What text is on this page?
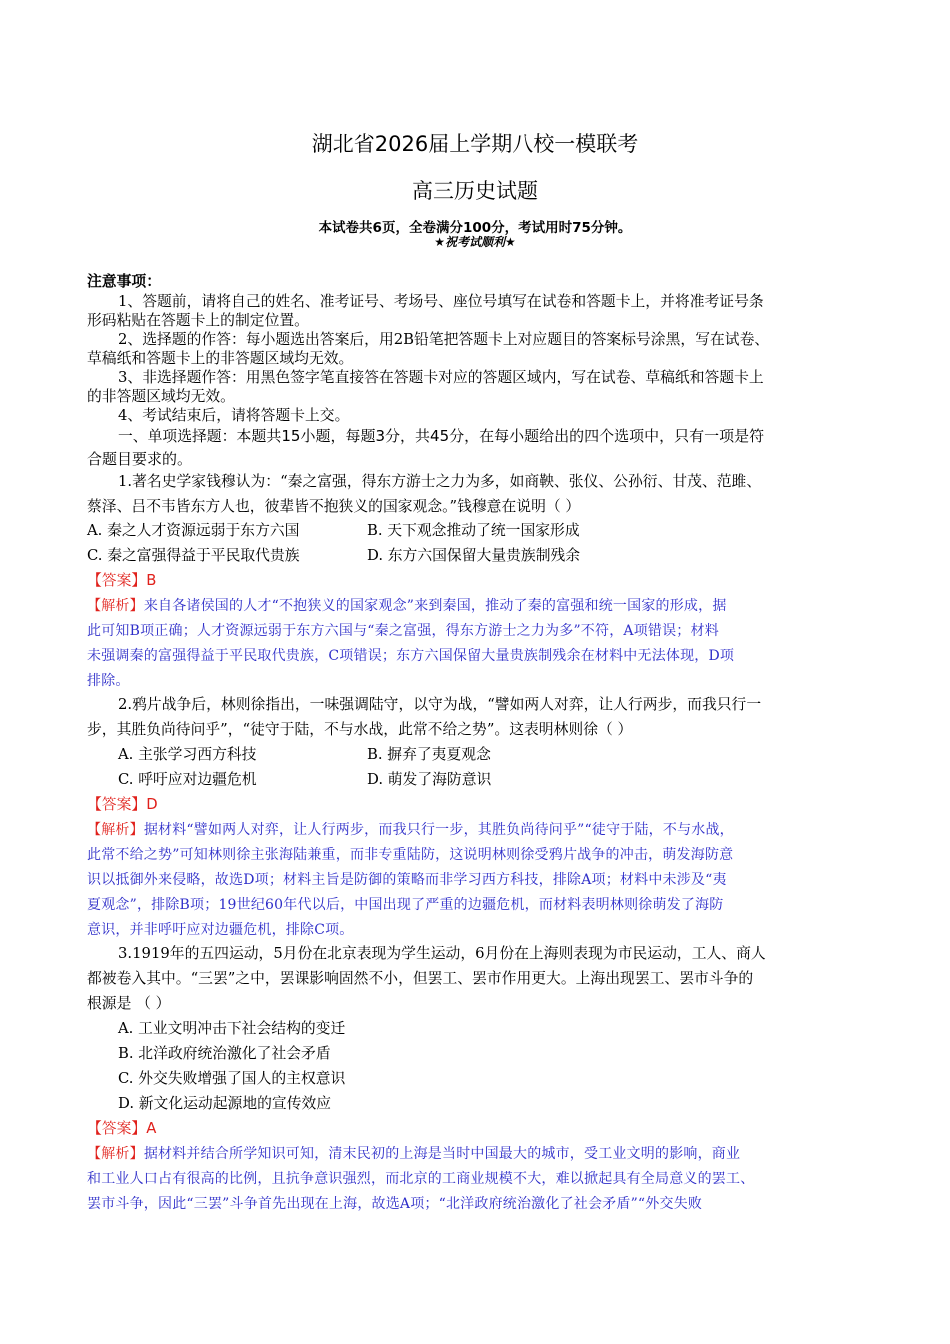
湖北省2026届上学期八校一模联考
高三历史试题
本试卷共6页，全卷满分100分，考试用时75分钟。
★祝考试顺利★
注意事项：
1、答题前，请将自己的姓名、准考证号、考场号、座位号填写在试卷和答题卡上，并将准考证号条
形码粘贴在答题卡上的制定位置。
2、选择题的作答：每小题选出答案后，用2B铅笔把答题卡上对应题目的答案标号涂黑，写在试卷、
草稿纸和答题卡上的非答题区域均无效。
3、非选择题作答：用黑色签字笔直接答在答题卡对应的答题区域内，写在试卷、草稿纸和答题卡上
的非答题区域均无效。
4、考试结束后，请将答题卡上交。
一、单项选择题：本题共15小题，每题3分，共45分，在每小题给出的四个选项中，只有一项是符
合题目要求的。
1.著名史学家钱穆认为：“秦之富强，得东方游士之力为多，如商鞅、张仪、公孙衍、甘茂、范雎、
蔡泽、吕不韦皆东方人也，彼辈皆不抱狭义的国家观念。”钱穆意在说明（ ）
A. 秦之人才资源远弱于东方六国	B. 天下观念推动了统一国家形成
C. 秦之富强得益于平民取代贵族	D. 东方六国保留大量贵族制残余
【答案】B
【解析】来自各诸侯国的人才“不抱狭义的国家观念”来到秦国，推动了秦的富强和统一国家的形成，据
此可知B项正确；人才资源远弱于东方六国与“秦之富强，得东方游士之力为多”不符，A项错误；材料
未强调秦的富强得益于平民取代贵族，C项错误；东方六国保留大量贵族制残余在材料中无法体现，D项
排除。
2.鸦片战争后，林则徐指出，一味强调陆守，以守为战，“譬如两人对弈，让人行两步，而我只行一
步，其胜负尚待问乎”，“徒守于陆，不与水战，此常不给之势”。这表明林则徐（ ）
A. 主张学习西方科技	B. 摒弃了夷夏观念
C. 呼吁应对边疆危机	D. 萌发了海防意识
【答案】D
【解析】据材料“譬如两人对弈，让人行两步，而我只行一步，其胜负尚待问乎”“徒守于陆，不与水战，
此常不给之势”可知林则徐主张海陆兼重，而非专重陆防，这说明林则徐受鸦片战争的冲击，萌发海防意
识以抵御外来侵略，故选D项；材料主旨是防御的策略而非学习西方科技，排除A项；材料中未涉及“夷
夏观念”，排除B项；19世纪60年代以后，中国出现了严重的边疆危机，而材料表明林则徐萌发了海防
意识，并非呼吁应对边疆危机，排除C项。
3.1919年的五四运动，5月份在北京表现为学生运动，6月份在上海则表现为市民运动，工人、商人
都被卷入其中。“三罢”之中，罢课影响固然不小，但罢工、罢市作用更大。上海出现罢工、罢市斗争的
根源是 （ ）
A. 工业文明冲击下社会结构的变迁
B. 北洋政府统治激化了社会矛盾
C. 外交失败增强了国人的主权意识
D. 新文化运动起源地的宣传效应
【答案】A
【解析】据材料并结合所学知识可知，清末民初的上海是当时中国最大的城市，受工业文明的影响，商业
和工业人口占有很高的比例，且抗争意识强烈，而北京的工商业规模不大，难以掀起具有全局意义的罢工、
罢市斗争，因此“三罢”斗争首先出现在上海，故选A项；“北洋政府统治激化了社会矛盾”“外交失败
